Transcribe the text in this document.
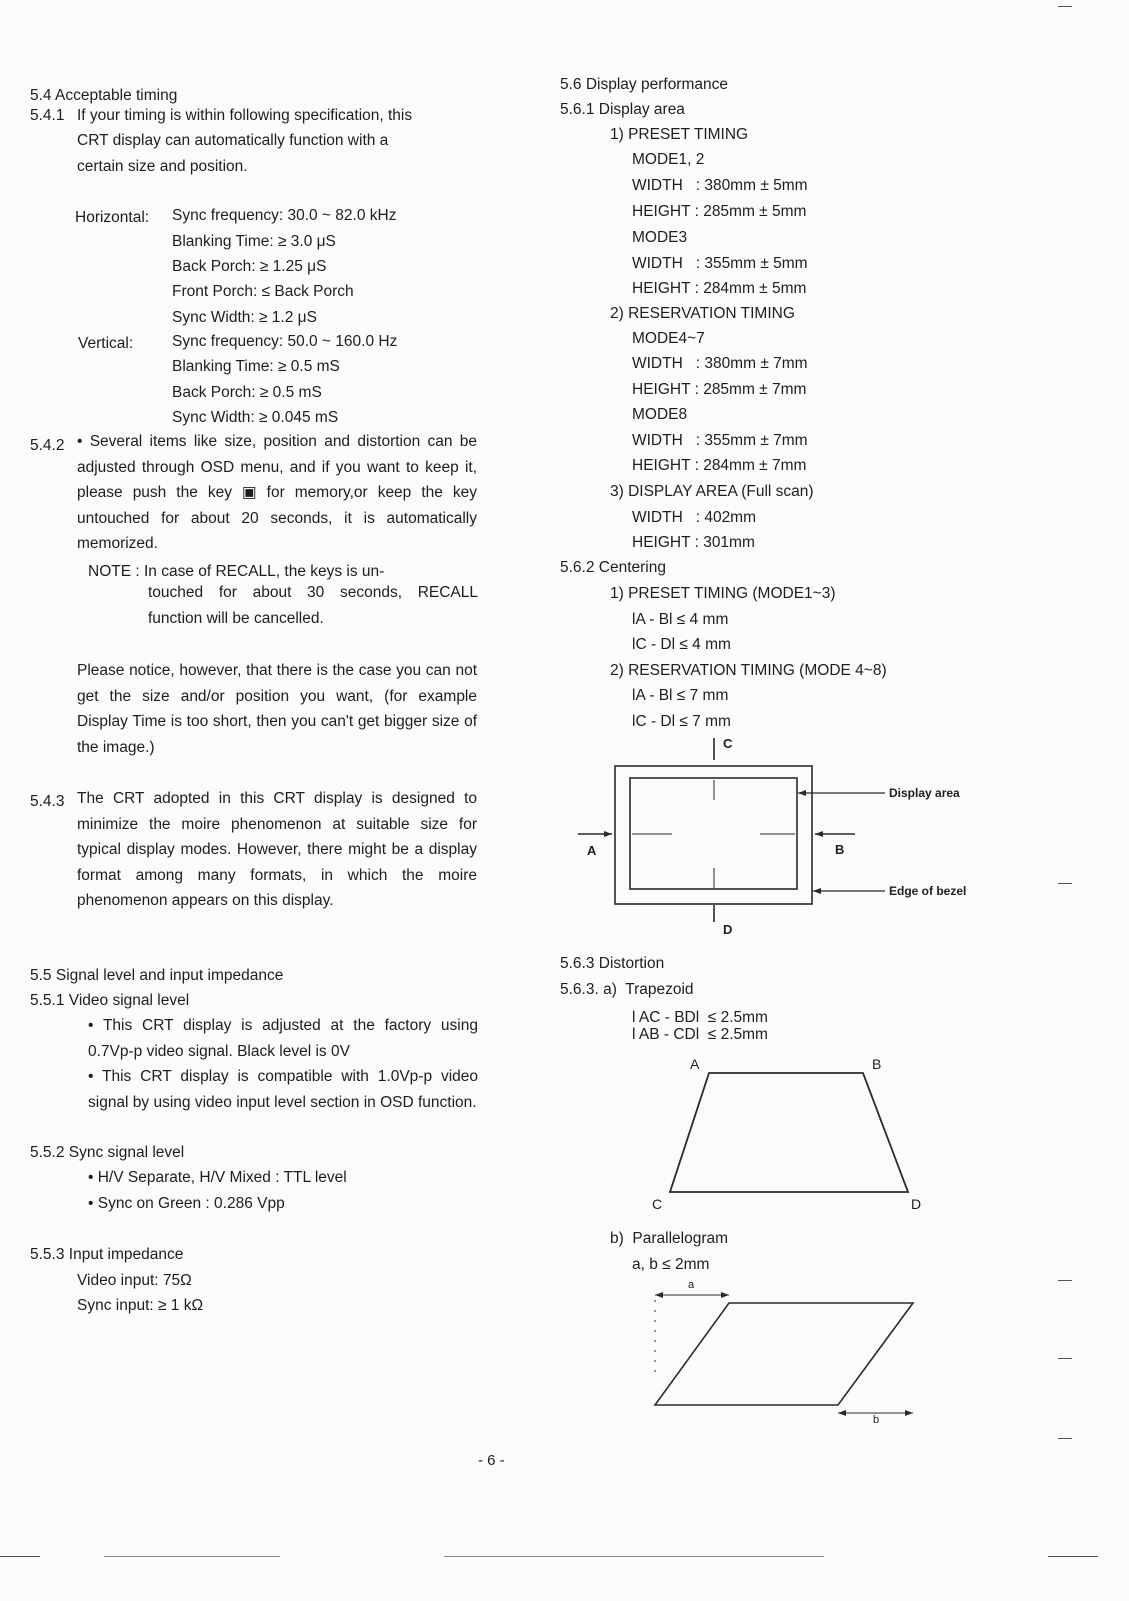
5.4 Acceptable timing
5.4.1 If your timing is within following specification, this
CRT display can automatically function with a
certain size and position.
Horizontal: Sync frequency: 30.0 ~ 82.0 kHz
Blanking Time: ≥ 3.0 μS
Back Porch: ≥ 1.25 μS
Front Porch: ≤ Back Porch
Sync Width: ≥ 1.2 μS
Vertical:	Sync frequency: 50.0 ~ 160.0 Hz
Blanking Time: ≥ 0.5 mS
Back Porch: ≥ 0.5 mS
Sync Width: ≥ 0.045 mS
5.4.2 • Several items like size, position and distortion can be adjusted through OSD menu, and if you want to keep it, please push the key ▣ for memory,or keep the key untouched for about 20 seconds, it is automatically memorized.
NOTE : In case of RECALL, the keys is un-
touched for about 30 seconds, RECALL function will be cancelled.
Please notice, however, that there is the case you can not get the size and/or position you want, (for example Display Time is too short, then you can't get bigger size of the image.)
5.4.3 The CRT adopted in this CRT display is designed to minimize the moire phenomenon at suitable size for typical display modes. However, there might be a display format among many formats, in which the moire phenomenon appears on this display.
5.5 Signal level and input impedance
5.5.1 Video signal level
• This CRT display is adjusted at the factory using 0.7Vp-p video signal. Black level is 0V
• This CRT display is compatible with 1.0Vp-p video signal by using video input level section in OSD function.
5.5.2 Sync signal level
• H/V Separate, H/V Mixed : TTL level
• Sync on Green : 0.286 Vpp
5.5.3 Input impedance
Video input: 75Ω
Sync input: ≥ 1 kΩ
5.6 Display performance
5.6.1 Display area
1) PRESET TIMING
MODE1, 2
WIDTH   : 380mm ± 5mm
HEIGHT : 285mm ± 5mm
MODE3
WIDTH   : 355mm ± 5mm
HEIGHT : 284mm ± 5mm
2) RESERVATION TIMING
MODE4~7
WIDTH   : 380mm ± 7mm
HEIGHT : 285mm ± 7mm
MODE8
WIDTH   : 355mm ± 7mm
HEIGHT : 284mm ± 7mm
3) DISPLAY AREA (Full scan)
WIDTH   : 402mm
HEIGHT : 301mm
5.6.2 Centering
1) PRESET TIMING (MODE1~3)
lA - Bl ≤ 4 mm
lC - Dl ≤ 4 mm
2) RESERVATION TIMING (MODE 4~8)
lA - Bl ≤ 7 mm
lC - Dl ≤ 7 mm
C
A	B
D
Display area
Edge of bezel
5.6.3 Distortion
5.6.3. a)  Trapezoid
l AC - BDl  ≤ 2.5mm
l AB - CDl  ≤ 2.5mm
A	B
C	D
b)  Parallelogram
a, b ≤ 2mm
a
b
- 6 -
